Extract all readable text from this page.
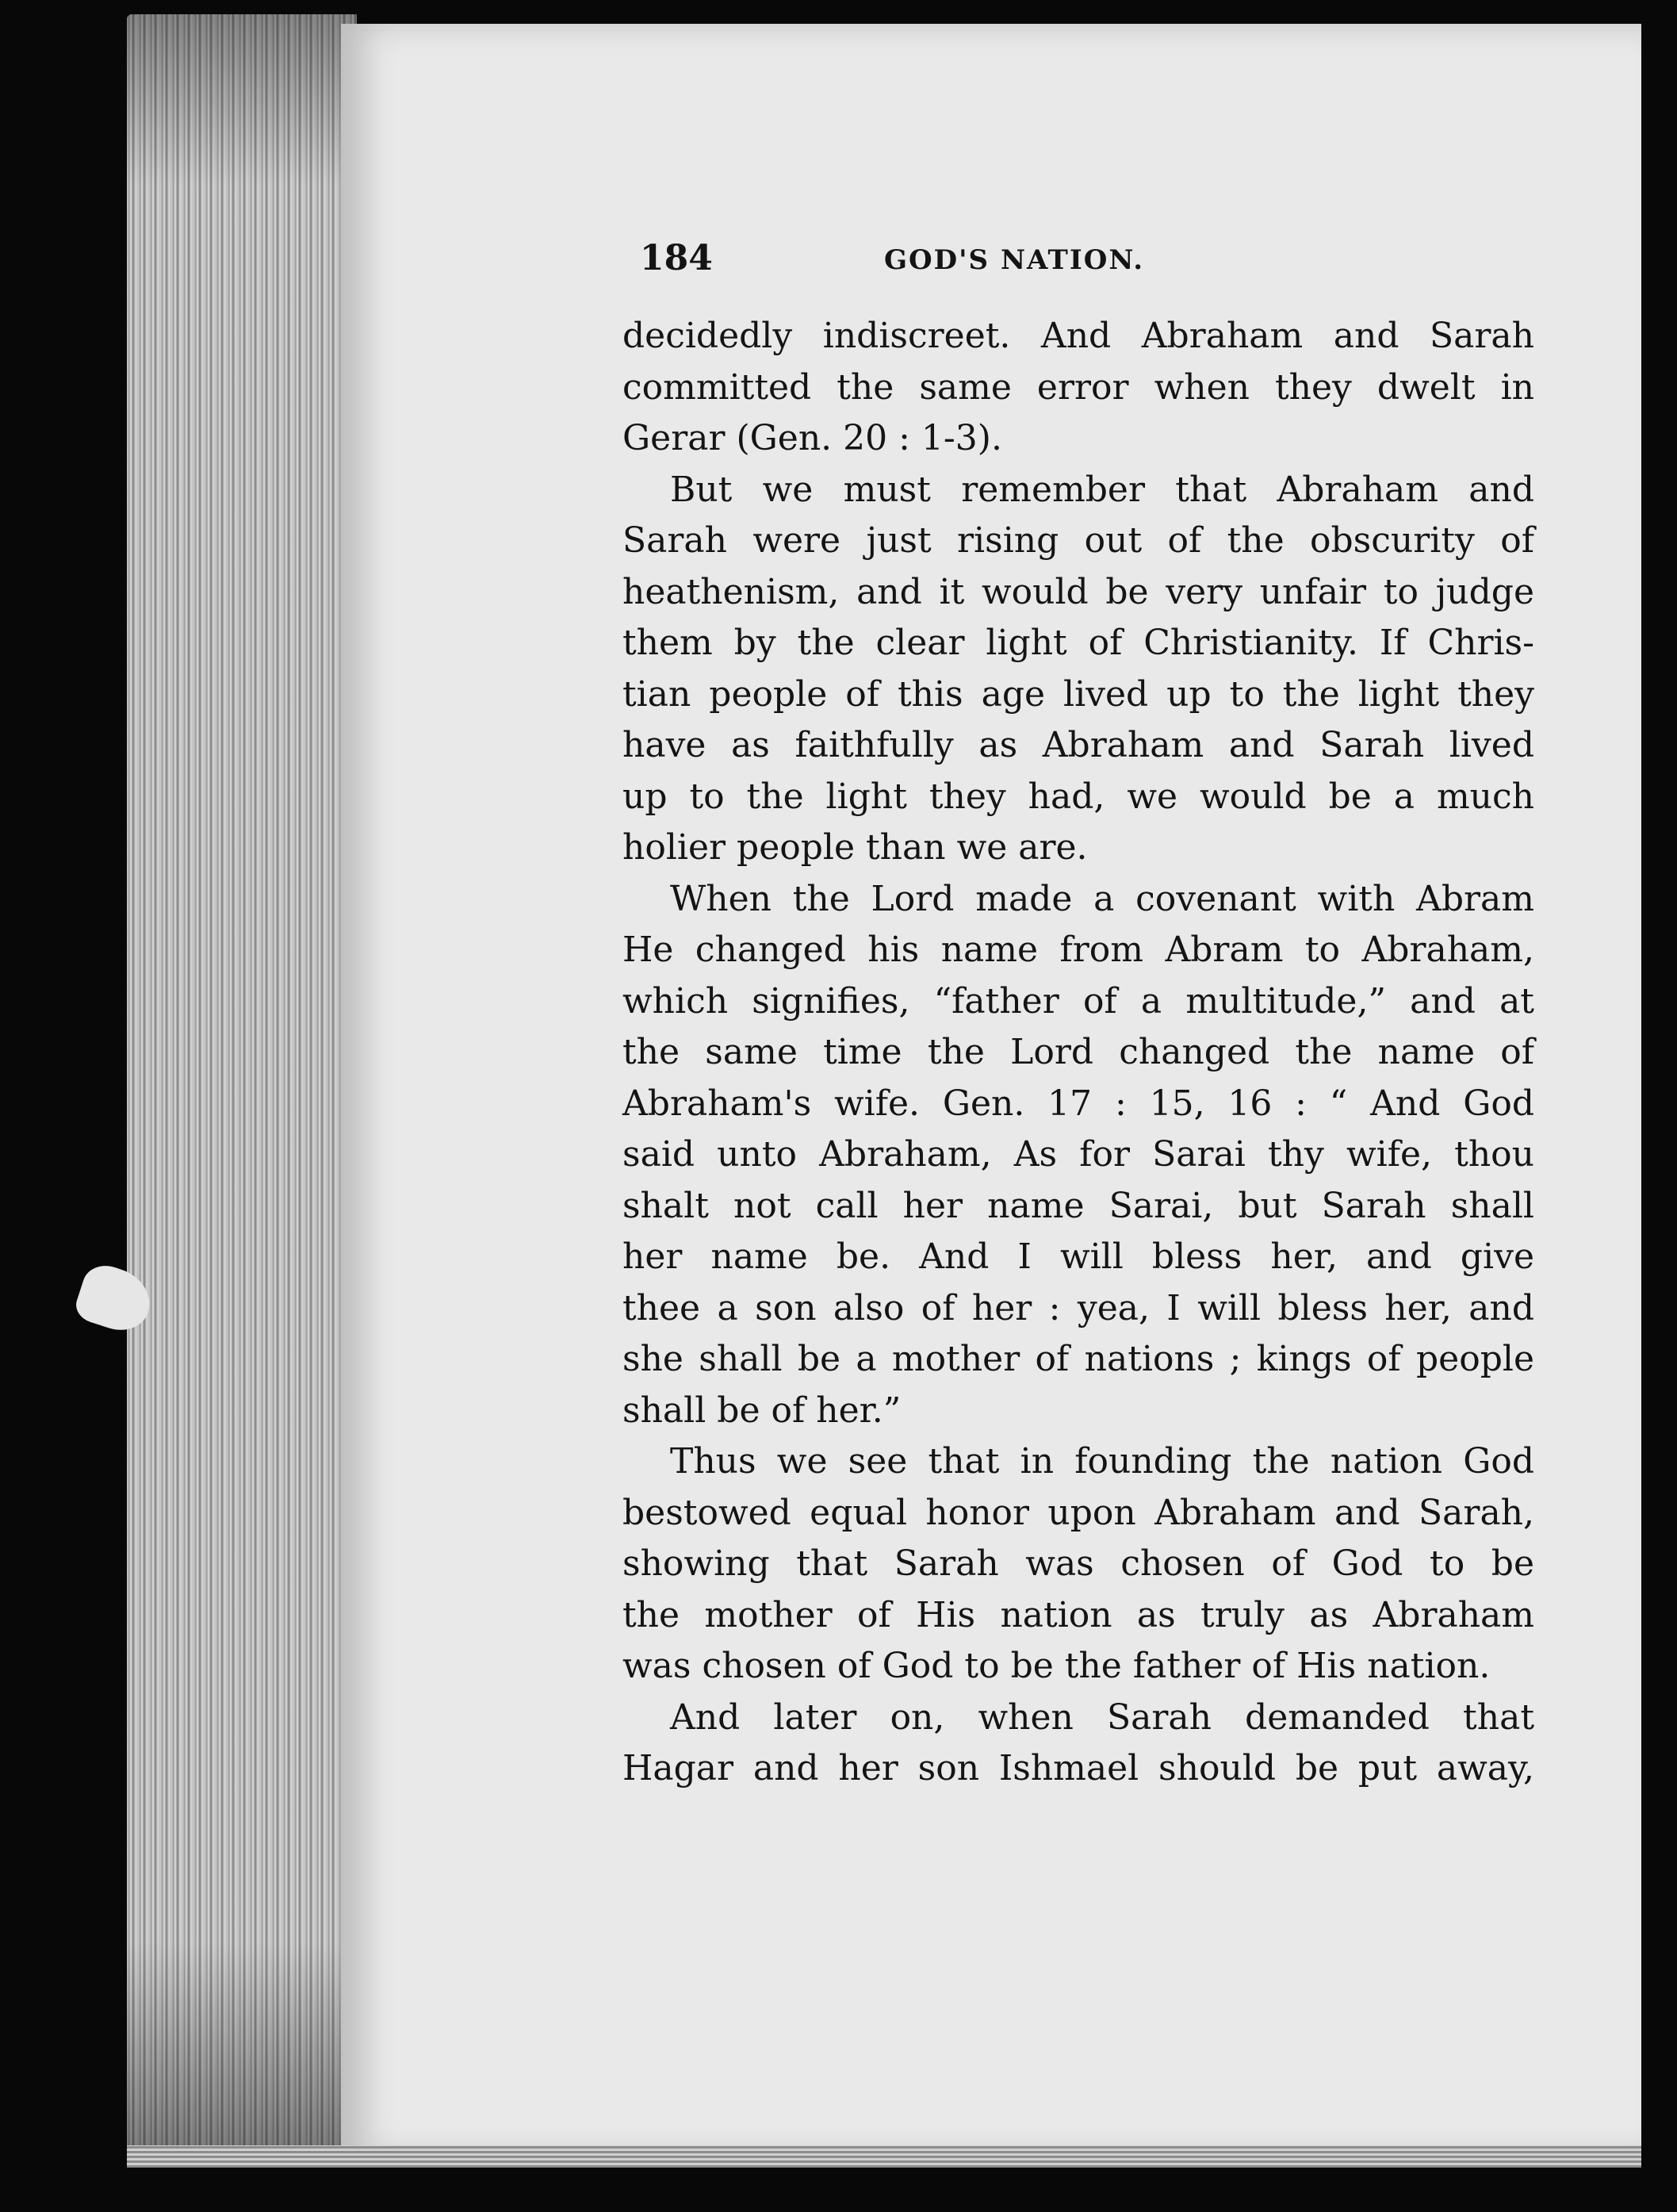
184	GOD'S NATION.
decidedly indiscreet. And Abraham and Sarah
committed the same error when they dwelt in
Gerar (Gen. 20 : 1-3).
But we must remember that Abraham and
Sarah were just rising out of the obscurity of
heathenism, and it would be very unfair to judge
them by the clear light of Christianity. If Chris-
tian people of this age lived up to the light they
have as faithfully as Abraham and Sarah lived
up to the light they had, we would be a much
holier people than we are.
When the Lord made a covenant with Abram
He changed his name from Abram to Abraham,
which signifies, “father of a multitude,” and at
the same time the Lord changed the name of
Abraham's wife. Gen. 17 : 15, 16 : “ And God
said unto Abraham, As for Sarai thy wife, thou
shalt not call her name Sarai, but Sarah shall
her name be. And I will bless her, and give
thee a son also of her : yea, I will bless her, and
she shall be a mother of nations ; kings of people
shall be of her.”
Thus we see that in founding the nation God
bestowed equal honor upon Abraham and Sarah,
showing that Sarah was chosen of God to be
the mother of His nation as truly as Abraham
was chosen of God to be the father of His nation.
And later on, when Sarah demanded that
Hagar and her son Ishmael should be put away,
